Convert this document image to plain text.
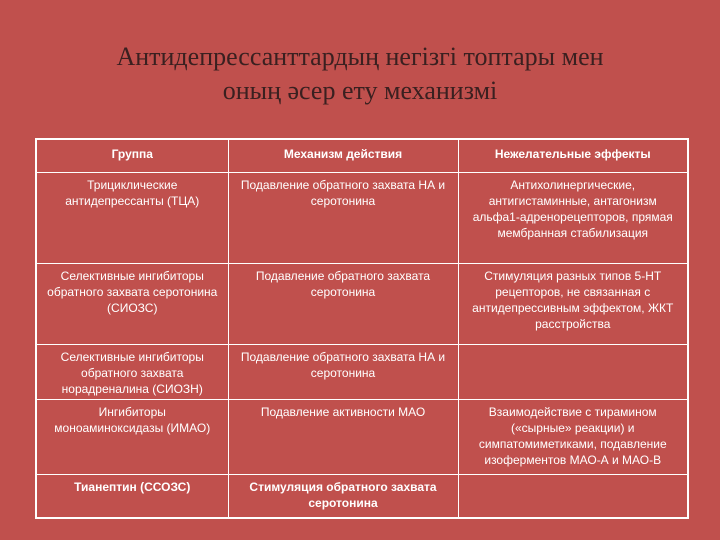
Антидепрессанттардың негізгі топтары мен
оның әсер ету механизмі
Группа	Механизм действия	Нежелательные эффекты
Трициклические антидепрессанты (ТЦА)	Подавление обратного захвата НА и серотонина	Антихолинергические, антигистаминные, антагонизм альфа1-адренорецепторов, прямая мембранная стабилизация
Селективные ингибиторы обратного захвата серотонина (СИОЗС)	Подавление обратного захвата серотонина	Стимуляция разных типов 5-НТ рецепторов, не связанная с антидепрессивным эффектом, ЖКТ расстройства
Селективные ингибиторы обратного захвата норадреналина (СИОЗН)	Подавление обратного захвата НА и серотонина	
Ингибиторы моноаминоксидазы (ИМАО)	Подавление активности МАО	Взаимодействие с тирамином («сырные» реакции) и симпатомиметиками, подавление изоферментов МАО-А и МАО-В
Тианептин (ССОЗС)	Стимуляция обратного захвата серотонина	
